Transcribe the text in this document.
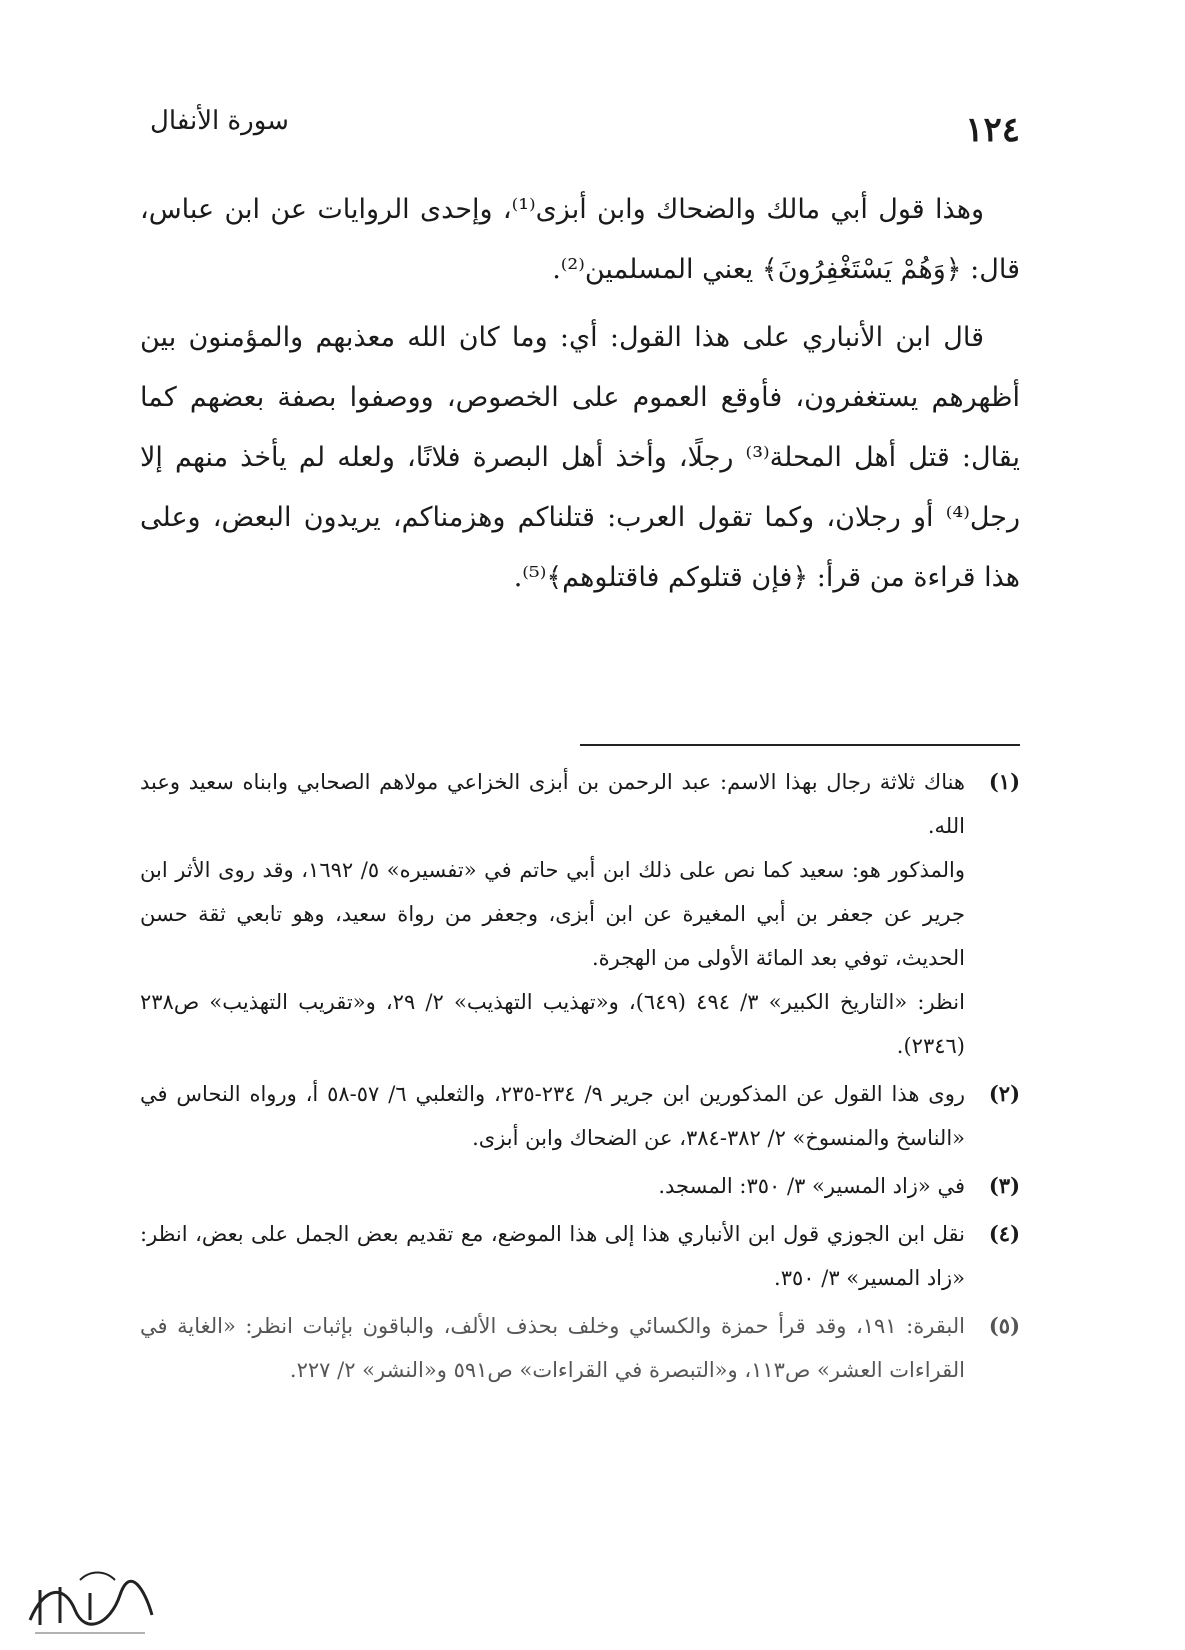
١٢٤
سورة الأنفال

وهذا قول أبي مالك والضحاك وابن أبزى⁽¹⁾، وإحدى الروايات عن ابن عباس، قال: ﴿وَهُمْ يَسْتَغْفِرُونَ﴾ يعني المسلمين⁽²⁾.

قال ابن الأنباري على هذا القول: أي: وما كان الله معذبهم والمؤمنون بين أظهرهم يستغفرون، فأوقع العموم على الخصوص، ووصفوا بصفة بعضهم كما يقال: قتل أهل المحلة⁽³⁾ رجلًا، وأخذ أهل البصرة فلانًا، ولعله لم يأخذ منهم إلا رجل⁽⁴⁾ أو رجلان، وكما تقول العرب: قتلناكم وهزمناكم، يريدون البعض، وعلى هذا قراءة من قرأ: ﴿فإن قتلوكم فاقتلوهم﴾⁽⁵⁾.

(١)

هناك ثلاثة رجال بهذا الاسم: عبد الرحمن بن أبزى الخزاعي مولاهم الصحابي وابناه سعيد وعبد الله.

والمذكور هو: سعيد كما نص على ذلك ابن أبي حاتم في «تفسيره» ٥/ ١٦٩٢، وقد روى الأثر ابن جرير عن جعفر بن أبي المغيرة عن ابن أبزى، وجعفر من رواة سعيد، وهو تابعي ثقة حسن الحديث، توفي بعد المائة الأولى من الهجرة.

انظر: «التاريخ الكبير» ٣/ ٤٩٤ (٦٤٩)، و«تهذيب التهذيب» ٢/ ٢٩، و«تقريب التهذيب» ص٢٣٨ (٢٣٤٦).

(٢)

روى هذا القول عن المذكورين ابن جرير ٩/ ٢٣٤-٢٣٥، والثعلبي ٦/ ٥٧-٥٨ أ، ورواه النحاس في «الناسخ والمنسوخ» ٢/ ٣٨٢-٣٨٤، عن الضحاك وابن أبزى.

(٣)

في «زاد المسير» ٣/ ٣٥٠: المسجد.

(٤)

نقل ابن الجوزي قول ابن الأنباري هذا إلى هذا الموضع، مع تقديم بعض الجمل على بعض، انظر: «زاد المسير» ٣/ ٣٥٠.

(٥)

البقرة: ١٩١، وقد قرأ حمزة والكسائي وخلف بحذف الألف، والباقون بإثبات انظر: «الغاية في القراءات العشر» ص١١٣، و«التبصرة في القراءات» ص٥٩١ و«النشر» ٢/ ٢٢٧.
